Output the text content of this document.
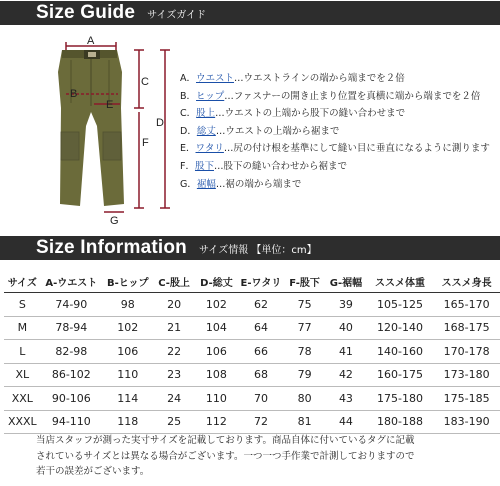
Size Guide サイズガイド
A
B
E
C
D
F
G
A．ウエスト…ウエストラインの端から端までを２倍
B．ヒップ…ファスナーの開き止まり位置を真横に端から端までを２倍
C．股上…ウエストの上端から股下の縫い合わせまで
D．総丈…ウエストの上端から裾まで
E．ワタリ…尻の付け根を基準にして縫い目に垂直になるように測ります
F．股下…股下の縫い合わせから裾まで
G．裾幅…裾の端から端まで
Size Information サイズ情報 【単位：cm】
サイズ	A-ウエスト	B-ヒップ	C-股上	D-総丈	E-ワタリ	F-股下	G-裾幅	ススメ体重	ススメ身長
S	74-90	98	20	102	62	75	39	105-125	165-170
M	78-94	102	21	104	64	77	40	120-140	168-175
L	82-98	106	22	106	66	78	41	140-160	170-178
XL	86-102	110	23	108	68	79	42	160-175	173-180
XXL	90-106	114	24	110	70	80	43	175-180	175-185
XXXL	94-110	118	25	112	72	81	44	180-188	183-190
当店スタッフが測った実寸サイズを記載しております。商品自体に付いているタグに記載
されているサイズとは異なる場合がございます。一つ一つ手作業で計測しておりますので
若干の誤差がございます。
